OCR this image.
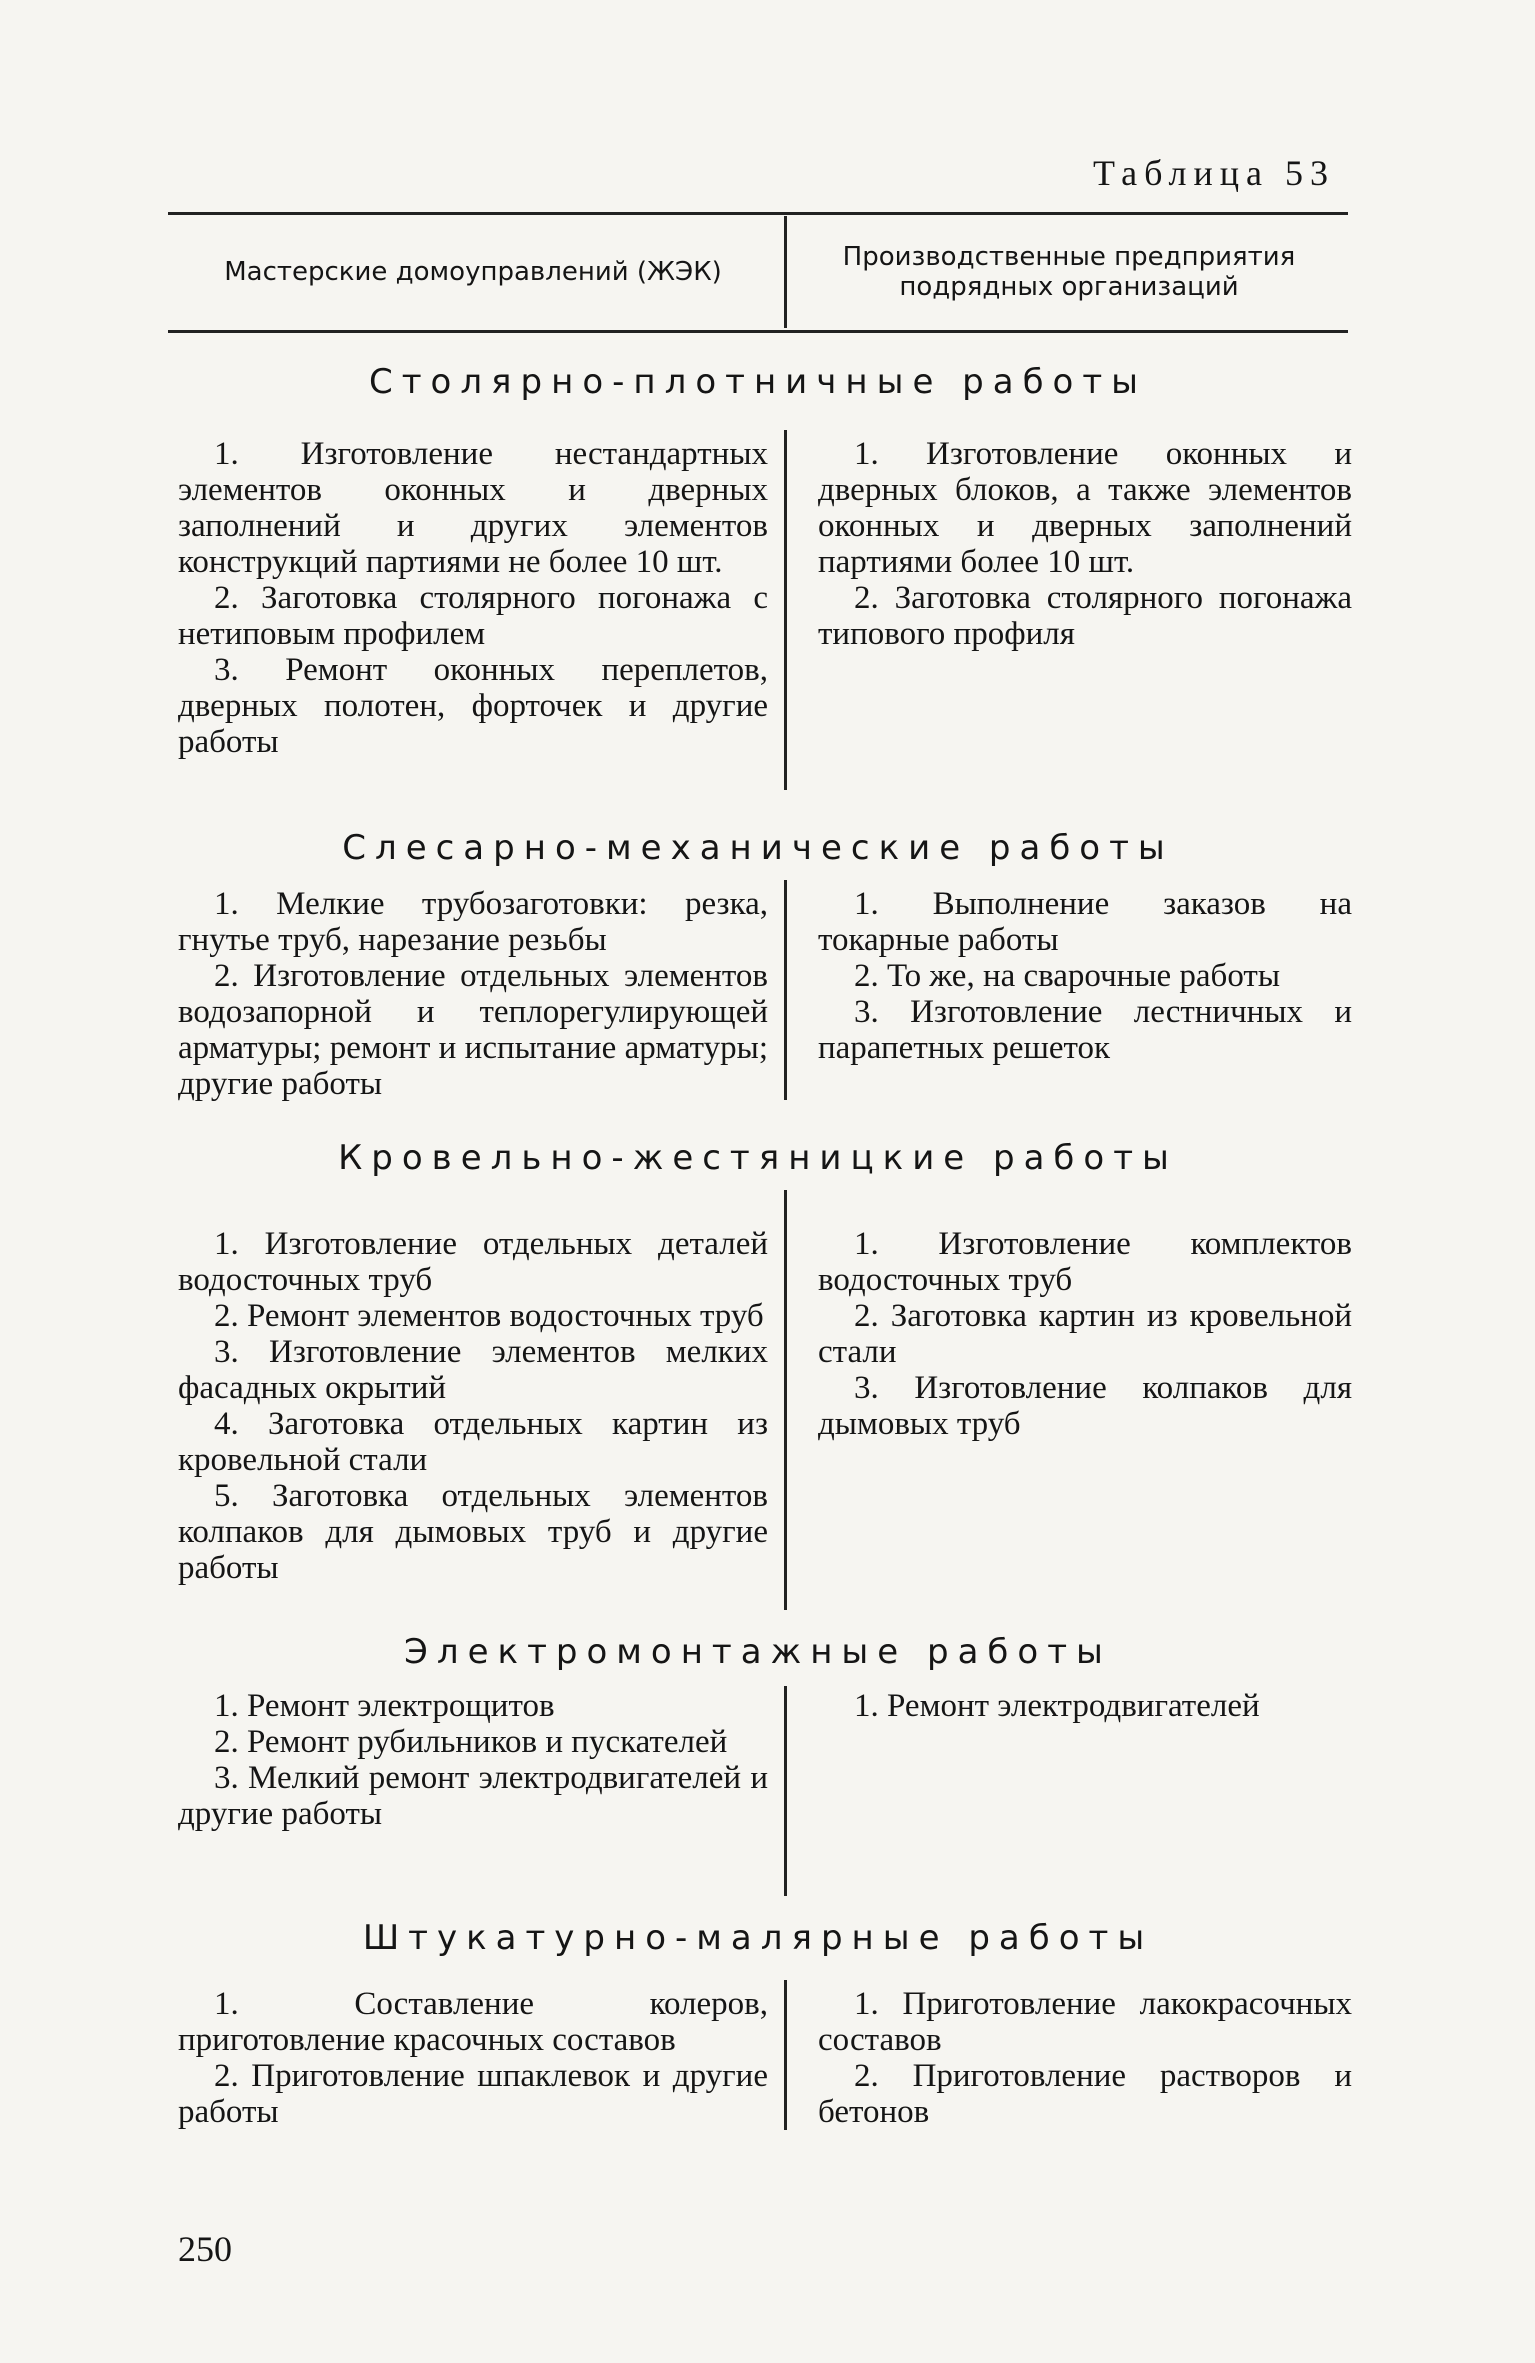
Таблица 53
Мастерские домоуправлений (ЖЭК)	Производственные предприятия подрядных организаций
Столярно-плотничные работы

1. Изготовление нестандартных элементов оконных и дверных заполнений и других элементов конструкций партиями не более 10 шт.

2. Заготовка столярного погонажа с нетиповым профилем

3. Ремонт оконных переплетов, дверных полотен, форточек и другие работы

1. Изготовление оконных и дверных блоков, а также элементов оконных и дверных заполнений партиями более 10 шт.

2. Заготовка столярного погонажа типового профиля

Слесарно-механические работы

1. Мелкие трубозаготовки: резка, гнутье труб, нарезание резьбы

2. Изготовление отдельных элементов водозапорной и теплорегулирующей арматуры; ремонт и испытание арматуры; другие работы

1. Выполнение заказов на токарные работы

2. То же, на сварочные работы

3. Изготовление лестничных и парапетных решеток

Кровельно-жестяницкие работы

1. Изготовление отдельных деталей водосточных труб

2. Ремонт элементов водосточных труб

3. Изготовление элементов мелких фасадных окрытий

4. Заготовка отдельных картин из кровельной стали

5. Заготовка отдельных элементов колпаков для дымовых труб и другие работы

1. Изготовление комплектов водосточных труб

2. Заготовка картин из кровельной стали

3. Изготовление колпаков для дымовых труб

Электромонтажные работы

1. Ремонт электрощитов

2. Ремонт рубильников и пускателей

3. Мелкий ремонт электродвигателей и другие работы

1. Ремонт электродвигателей

Штукатурно-малярные работы

1. Составление колеров, приготовление красочных составов

2. Приготовление шпаклевок и другие работы

1. Приготовление лакокрасочных составов

2. Приготовление растворов и бетонов

250
